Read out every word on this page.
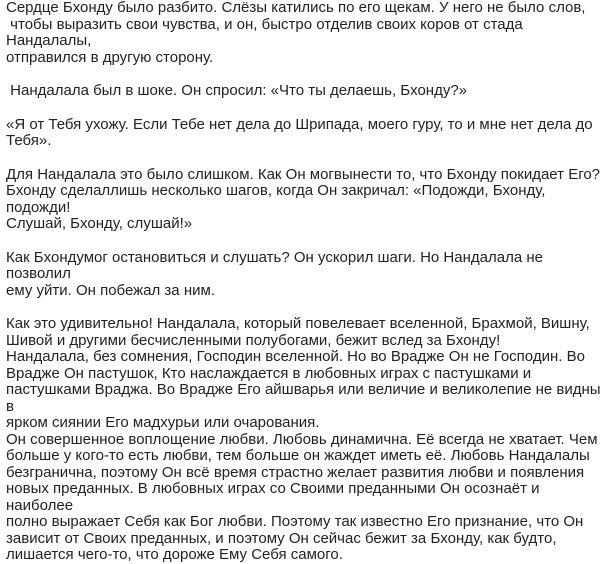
Сердце Бхонду было разбито. Слёзы катились по его щекам. У него не было слов,
чтобы выразить свои чувства, и он, быстро отделив своих коров от стада Нандалалы,
отправился в другую сторону.

Нандалала был в шоке. Он спросил: «Что ты делаешь, Бхонду?»

«Я от Тебя ухожу. Если Тебе нет дела до Шрипада, моего гуру, то и мне нет дела до
Тебя».

Для Нандалала это было слишком. Как Он могвынести то, что Бхонду покидает Его?
Бхонду сделаллишь несколько шагов, когда Он закричал: «Подожди, Бхонду, подожди!
Слушай, Бхонду, слушай!»

Как Бхондумог остановиться и слушать? Он ускорил шаги. Но Нандалала не позволил
ему уйти. Он побежал за ним.

Как это удивительно! Нандалала, который повелевает вселенной, Брахмой, Вишну,
Шивой и другими бесчисленными полубогами, бежит вслед за Бхонду!
Нандалала, без сомнения, Господин вселенной. Но во Врадже Он не Господин. Во
Врадже Он пастушок, Кто наслаждается в любовных играх с пастушками и
пастушками Враджа. Во Врадже Его айшварья или величие и великолепие не видны в
ярком сиянии Его мадхурьи или очарования.
Он совершенное воплощение любви. Любовь динамична. Её всегда не хватает. Чем
больше у кого-то есть любви, тем больше он жаждет иметь её. Любовь Нандалалы
безгранична, поэтому Он всё время страстно желает развития любви и появления
новых преданных. В любовных играх со Своими преданными Он осознаёт и наиболее
полно выражает Себя как Бог любви. Поэтому так известно Его признание, что Он
зависит от Своих преданных, и поэтому Он сейчас бежит за Бхонду, как будто,
лишается чего-то, что дороже Ему Себя самого.
